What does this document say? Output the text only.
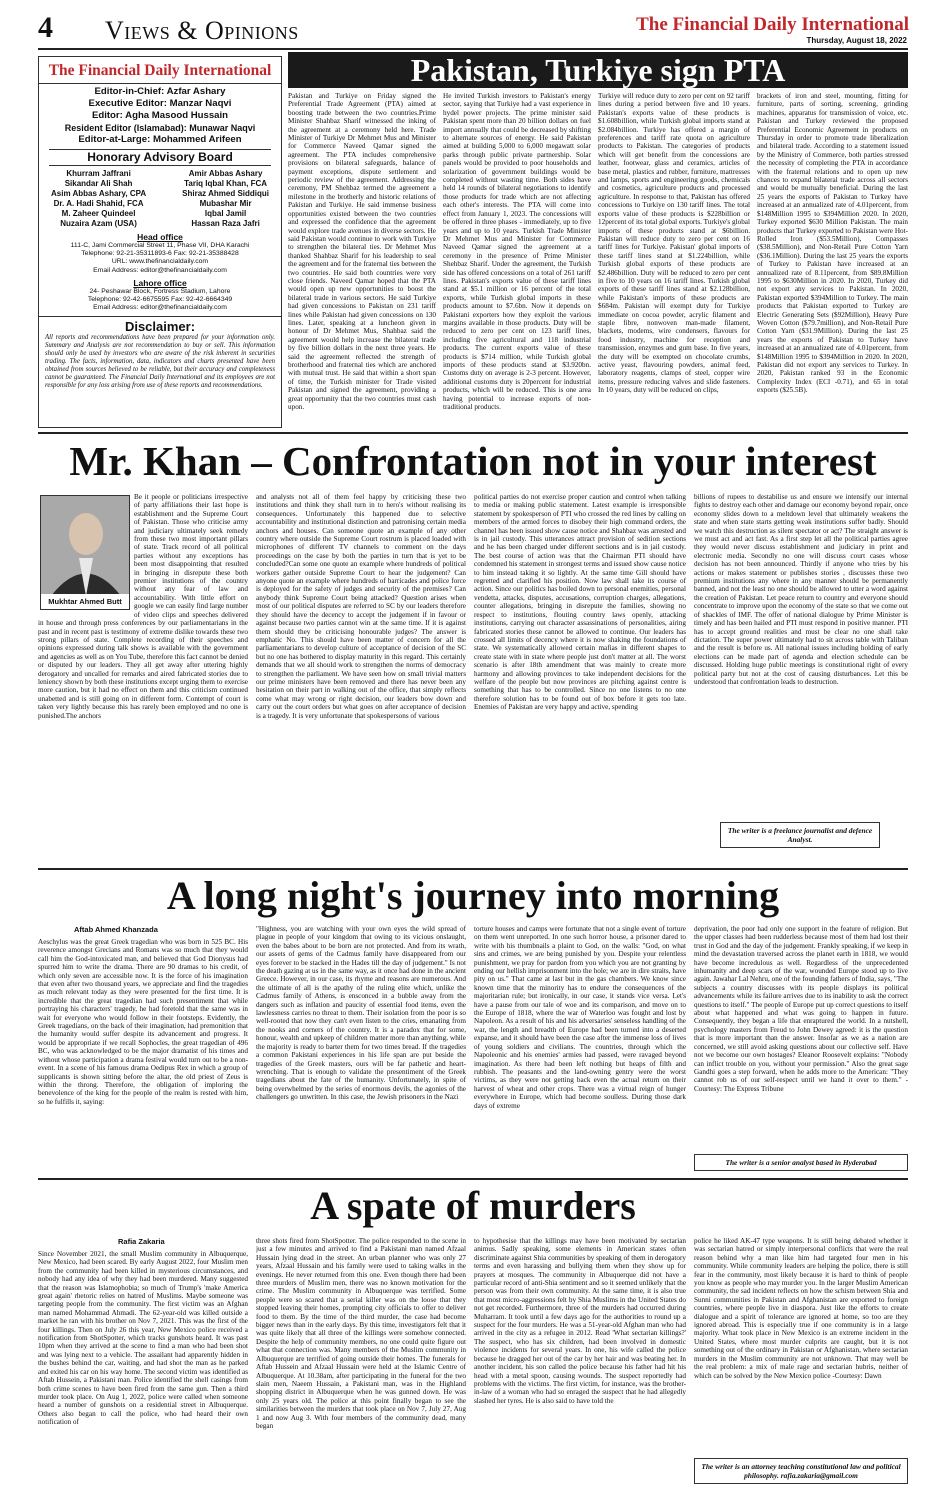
4 Views & Opinions	The Financial Daily International
Thursday, August 18, 2022
The Financial Daily International
Editor-in-Chief: Azfar Ashary
Executive Editor: Manzar Naqvi
Editor: Agha Masood Hussain
Resident Editor (Islamabad): Munawar Naqvi
Editor-at-Large: Mohammed Arifeen
Honorary Advisory Board
Khurram Jaffrani
Sikandar Ali Shah
Asim Abbas Ashary, CPA
Dr. A. Hadi Shahid, FCA
M. Zaheer Quindeel
Nuzaira Azam (USA)
Amir Abbas Ashary
Tariq Iqbal Khan, FCA
Shiraz Ahmed Siddiqui
Mubashar Mir
Iqbal Jamil
Hassan Raza Jafri
Head office
111-C, Jami Commercial Street 11, Phase VII, DHA Karachi
Telephone: 92-21-35311893-6 Fax: 92-21-35388428
URL: www.thefinancialdaily.com
Email Address: editor@thefinancialdaily.com
Lahore office
24- Peshawar Block, Fortress Stadium, Lahore
Telephone: 92-42-6675595 Fax: 92-42-6664349
Email Address: editor@thefinancialdaily.com
Disclaimer:
All reports and recommendations have been prepared for your information only. Summary and Analysis are not recommendation to buy or sell. This information should only be used by investors who are aware of the risk inherent in securities trading. The facts, information, data, indicators and charts presented have been obtained from sources believed to be reliable, but their accuracy and completeness cannot be guaranteed. The Financial Daily International and its employees are not responsible for any loss arising from use of these reports and recommendations.
Pakistan, Turkiye sign PTA

Pakistan and Turkiye on Friday signed the Preferential Trade Agreement (PTA) aimed at boosting trade between the two countries.Prime Minister Shahbaz Sharif witnessed the inking of the agreement at a ceremony held here. Trade Minister of Turkiye Dr Mehmet Mus and Minister for Commerce Naveed Qamar signed the agreement. The PTA includes comprehensive provisions on bilateral safeguards, balance of payment exceptions, dispute settlement and periodic review of the agreement. Addressing the ceremony, PM Shehbaz termed the agreement a milestone in the brotherly and historic relations of Pakistan and Turkiye. He said immense business opportunities existed between the two countries and expressed the confidence that the agreement would explore trade avenues in diverse sectors. He said Pakistan would continue to work with Turkiye to strengthen the bilateral ties. Dr Mehmet Mus thanked Shahbaz Sharif for his leadership to seal the agreement and for the fraternal ties between the two countries. He said both countries were very close friends. Naveed Qamar hoped that the PTA would open up new opportunities to boost the bilateral trade in various sectors. He said Turkiye had given concessions to Pakistan on 231 tariff lines while Pakistan had given concessions on 130 lines. Later, speaking at a luncheon given in honour of Dr Mehmet Mus, Shahbaz said the agreement would help increase the bilateral trade by five billion dollars in the next three years. He said the agreement reflected the strength of brotherhood and fraternal ties which are anchored with mutual trust. He said that within a short span of time, the Turkish minister for Trade visited Pakistan and signed the agreement, providing a great opportunity that the two countries must cash upon.

He invited Turkish investors to Pakistan's energy sector, saying that Turkiye had a vast experience in hydel power projects. The prime minister said Pakistan spent more than 20 billion dollars on fuel import annually that could be decreased by shifting to alternate sources of energy. He said Pakistan aimed at building 5,000 to 6,000 megawatt solar parks through public private partnership. Solar panels would be provided to poor households and solarization of government buildings would be completed without wasting time. Both sides have held 14 rounds of bilateral negotiations to identify those products for trade which are not affecting each other's interests. The PTA will come into effect from January 1, 2023. The concessions will be offered in three phases - immediately, up to five years and up to 10 years. Turkish Trade Minister Dr Mehmet Mus and Minister for Commerce Naveed Qamar signed the agreement at a ceremony in the presence of Prime Minister Shehbaz Sharif. Under the agreement, the Turkish side has offered concessions on a total of 261 tariff lines. Pakistan's exports value of these tariff lines stand at $5.1 million or 16 percent of the total exports, while Turkish global imports in these products amount to $7.6bn. Now it depends on Pakistani exporters how they exploit the various margins available in those products. Duty will be reduced to zero per cent on 123 tariff lines, including five agricultural and 118 industrial products. The current exports value of these products is $714 million, while Turkish global imports of these products stand at $3.920bn. Customs duty on average is 2-3 percent. However, additional customs duty is 20percent for industrial products, which will be reduced. This is one area having potential to increase exports of non-traditional products.

Turkiye will reduce duty to zero per cent on 92 tariff lines during a period between five and 10 years. Pakistan's exports value of these products is $1.608billion, while Turkish global imports stand at $2.084billion. Turkiye has offered a margin of preferences and tariff rate quota on agriculture products to Pakistan. The categories of products which will get benefit from the concessions are leather, footwear, glass and ceramics, articles of base metal, plastics and rubber, furniture, mattresses and lamps, sports and engineering goods, chemicals and cosmetics, agriculture products and processed agriculture. In response to that, Pakistan has offered concessions to Turkiye on 130 tariff lines. The total exports value of these products is $228billion or 12percent of its total global exports. Turkiye's global imports of these products stand at $6billion. Pakistan will reduce duty to zero per cent on 16 tariff lines for Turkiye. Pakistan' global imports of these tariff lines stand at $1.224billion, while Turkish global exports of these products are $2.486billion. Duty will be reduced to zero per cent in five to 10 years on 16 tariff lines. Turkish global exports of these tariff lines stand at $2.128billion, while Pakistan's imports of these products are $684m. Pakistan will exempt duty for Turkiye immediate on cocoa powder, acrylic filament and staple fibre, nonwoven man-made filament, blackets, modems, wire condensers, flavours for food industry, machine for reception and transmission, enzymes and gum base. In five years, the duty will be exempted on chocolate crumbs, active yeast, flavouring powders, animal feed, laboratory reagents, clamps of steel, copper wire items, pressure reducing valves and slide fasteners. In 10 years, duty will be reduced on clips,

brackets of iron and steel, mounting, fitting for furniture, parts of sorting, screening, grinding machines, apparatus for transmission of voice, etc. Pakistan and Turkey reviewed the proposed Preferential Economic Agreement in products on Thursday in order to promote trade liberalization and bilateral trade. According to a statement issued by the Ministry of Commerce, both parties stressed the necessity of completing the PTA in accordance with the fraternal relations and to open up new chances to expand bilateral trade across all sectors and would be mutually beneficial. During the last 25 years the exports of Pakistan to Turkey have increased at an annualized rate of 4.01percent, from $148Million 1995 to $394Million 2020. In 2020, Turkey exported $630 Million Pakistan. The main products that Turkey exported to Pakistan were Hot-Rolled Iron ($53.5Million), Compasses ($38.5Million), and Non-Retail Pure Cotton Yarn ($36.1Million). During the last 25 years the exports of Turkey to Pakistan have increased at an annualized rate of 8.11percent, from $89.8Million 1995 to $630Million in 2020. In 2020, Turkey did not export any services to Pakistan. In 2020, Pakistan exported $394Million to Turkey. The main products that Pakistan exported to Turkey are Electric Generating Sets ($92Million), Heavy Pure Woven Cotton ($79.7million), and Non-Retail Pure Cotton Yarn ($31.9Million). During the last 25 years the exports of Pakistan to Turkey have increased at an annualized rate of 4.01percent, from $148Million 1995 to $394Million in 2020. In 2020, Pakistan did not export any services to Turkey. In 2020, Pakistan ranked 93 in the Economic Complexity Index (ECI -0.71), and 65 in total exports ($25.5B).

Mr. Khan – Confrontation not in your interest
Mukhtar Ahmed Butt

Be it people or politicians irrespective of party affiliations their last hope is establishment and the Supreme Court of Pakistan. Those who criticise army and judiciary ultimately seek remedy from these two most important pillars of state. Track record of all political parties without any exceptions has been most disappointing that resulted in bringing in disrepute these both premier institutions of the country without any fear of law and accountability. With little effort on google we can easily find large number of video clips and speeches delivered in house and through press conferences by our parliamentarians in the past and in recent past is testimony of extreme dislike towards these two strong pillars of state. Complete recording of their speeches and opinions expressed during talk shows is available with the government and agencies as well as on You Tube, therefore this fact cannot be denied or disputed by our leaders. They all get away after uttering highly derogatory and uncalled for remarks and aired fabricated stories due to leniency shown by both these institutions except urging them to exercise more caution, but it had no effect on them and this criticism continued unabetted and is still going on in different form. Contempt of court is taken very lightly because this has rarely been employed and no one is punished.The anchors

and analysts not all of them feel happy by criticising these two institutions and think they shall turn in to hero's without realising its consequences. Unfortunately this happened due to selective accountability and institutional distinction and patronising certain media anchors and houses. Can someone quote an example of any other country where outside the Supreme Court rostrum is placed loaded with microphones of different TV channels to comment on the days proceedings on the case by both the parties in turn that is yet to be concluded?Can some one quote an example where hundreds of political workers gather outside Supreme Court to hear the judgement? Can anyone quote an example where hundreds of barricades and police force is deployed for the safety of judges and security of the premises? Can anybody think Supreme Court being attacked? Question arises when most of our political disputes are referred to SC by our leaders therefore they should have the decency to accept the judgement if in favour or against because two parties cannot win at the same time. If it is against them should they be criticising honourable judges? The answer is emphatic No. This should have been matter of concern for all the parliamentarians to develop culture of acceptance of decision of the SC but no one has bothered to display maturity in this regard. This certainly demands that we all should work to strengthen the norms of democracy to strengthen the parliament. We have seen how on small trivial matters our prime ministers have been removed and there has never been any hesitation on their part in walking out of the office, that simply reflects come what may wrong or right decision, our leaders bow down and carry out the court orders but what goes on after acceptance of decision is a tragedy. It is very unfortunate that spokespersons of various

political parties do not exercise proper caution and control when talking to media or making public statement. Latest example is irresponsible statement by spokesperson of PTI who crossed the red lines by calling on members of the armed forces to disobey their high command orders, the channel has been issued show cause notice and Shahbaz was arrested and is in jail custody. This utterances attract provision of sedition sections and he has been charged under different sections and is in jail custody. The best course of action was that the Chairman PTI should have condemned his statement in strongest terms and issued show cause notice to him instead taking it so lightly. At the same time Gill should have regretted and clarified his position. Now law shall take its course of action. Since our politics has boiled down to personal enemities, personal vendetta, attacks, disputes, accusations, corruption charges, allegations, counter allegations, bringing in disrepute the families, showing no respect to institutions, flouting country laws openly, attacking institutions, carrying out character assassinations of personalities, airing fabricated stories these cannot be allowed to continue. Our leaders has crossed all limits of decency where it is now shaking the foundations of state. We systematically allowed certain mafias in different shapes to create state with in state where people just don't matter at all. The worst scenario is after 18th amendment that was mainly to create more harmony and allowing provinces to take independent decisions for the welfare of the people but now provinces are pitching against centre is something that has to be controlled. Since no one listens to no one therefore solution has to be found out of box before it gets too late. Enemies of Pakistan are very happy and active, spending

billions of rupees to destabilise us and ensure we intensify our internal fights to destroy each other and damage our economy beyond repair, once economy slides down to a meltdown level that ultimately weakens the state and when state starts getting weak institutions suffer badly. Should we watch this destruction as silent spectator or act? The straight answer is we must act and act fast. As a first step let all the political parties agree they would never discuss establishment and judiciary in print and electronic media. Secondly no one will discuss court cases whose decision has not been announced. Thirdly if anyone who tries by his actions or makes statement or publishes stories , discusses these two premium institutions any where in any manner should be permanently banned, and not the least no one should be allowed to utter a word against the creation of Pakistan. Let peace return to country and everyone should concentrate to improve upon the economy of the state so that we come out of shackles of IMF. The offer of national dialogue by Prime Minister is timely and has been hailed and PTI must respond in positive manner. PTI has to accept ground realities and must be clear no one shall take dictation. The super power ultimately had to sit across table with Taliban and the result is before us. All national issues including holding of early elections can be made part of agenda and election schedule can be discussed. Holding huge public meetings is constitutional right of every political party but not at the cost of causing disturbances. Let this be understood that confrontation leads to destruction.

The writer is a freelance journalist and defence Analyst.
A long night's journey into morning
Aftab Ahmed Khanzada

Aeschylus was the great Greek tragedian who was born in 525 BC. His reverence amongst Grecians and Romans was so much that they would call him the God-intoxicated man, and believed that God Dionysus had spurred him to write the drama. There are 90 dramas to his credit, of which only seven are accessible now. It is the force of his imagination that even after two thousand years, we appreciate and find the tragedies as much relevant today as they were presented for the first time. It is incredible that the great tragedian had such presentiment that while portraying his characters' tragedy, he had foretold that the same was in wait for everyone who would follow in their footsteps. Evidently, the Greek tragedians, on the back of their imagination, had premonition that the humanity would suffer despite its advancement and progress. It would be appropriate if we recall Sophocles, the great tragedian of 496 BC, who was acknowledged to be the major dramatist of his times and without whose participation a drama festival would turn out to be a non-event. In a scene of his famous drama Oedipus Rex in which a group of supplicants is shown sitting before the altar, the old priest of Zeus is within the throng. Therefore, the obligation of imploring the benevolence of the king for the people of the realm is rested with him, so he fulfills it, saying:

"Highness, you are watching with your own eyes the wild spread of plague in people of your kingdom that owing to its vicious onslaught, even the babes about to be born are not protected. And from its wrath, our assets of gems of the Cadmus family have disappeared from our eyes forever to be stacked in the Hades till the day of judgement." Is not the death gazing at us in the same way, as it once had done in the ancient Greece. However, in our case, its rhyme and reasons are numerous. And the ultimate of all is the apathy of the ruling elite which, unlike the Cadmus family of Athens, is ensconced in a bubble away from the dangers such as inflation and paucity of essential food items, even the lawlessness carries no threat to them. Their isolation from the poor is so well-rooted that now they can't even listen to the cries, emanating from the nooks and corners of the country. It is a paradox that for some, honour, wealth and upkeep of children matter more than anything, while the majority is ready to barter them for two times bread. If the tragedies a common Pakistani experiences in his life span are put beside the tragedies of the Greek masters, ours will be far pathetic and heart-wrenching. That is enough to validate the presentiment of the Greek tragedians about the fate of the humanity. Unfortunately, in spite of being overwhelmed by the series of enormous devils, the agonies of the challengers go unwritten. In this case, the Jewish prisoners in the Nazi

torture houses and camps were fortunate that not a single event of torture on them went unreported. In one such horror house, a prisoner dared to write with his thumbnails a plaint to God, on the walls: "God, on what sins and crimes, we are being punished by you. Despite your relentless punishment, we pray for pardon from you which you are not granting by ending our hellish imprisonment into the hole; we are in dire straits, have pity on us." That came at last but in the gas chambers. We know since known time that the minority has to endure the consequences of the majoritarian rule; but ironically, in our case, it stands vice versa. Let's have a pause from our tale of woe and its comparison, and move on to the Europe of 1818, where the war of Waterloo was fought and lost by Napoleon. As a result of his and his adversaries' senseless handling of the war, the length and breadth of Europe had been turned into a deserted expanse, and it should have been the case after the immense loss of lives of young soldiers and civilians. The countries, through which the Napoleonic and his enemies' armies had passed, were ravaged beyond imagination. As there had been left nothing but heaps of filth and rubbish. The peasants and the land-owning gentry were the worst victims, as they were not getting back even the actual return on their harvest of wheat and other crops. There was a virtual reign of hunger everywhere in Europe, which had become soulless. During those dark days of extreme

deprivation, the poor had only one support in the feature of religion. But the upper classes had been rudderless because most of them had lost their trust in God and the day of the judgement. Frankly speaking, if we keep in mind the devastation traversed across the planet earth in 1818, we would have become incredulous as well. Regardless of the unprecedented inhumanity and deep scars of the war, wounded Europe stood up to live again. Jawahar Lal Nehru, one of the founding fathers of India, says, "The subjects a country discusses with its people displays its political advancements while its failure arrives due to its inability to ask the correct questions to itself." The people of Europe put up correct questions to itself about what happened and what was going to happen in future. Consequently, they began a life that enraptured the world. In a nutshell, psychology masters from Freud to John Dewey agreed: it is the question that is more important than the answer. Insofar as we as a nation are concerned, we still avoid asking questions about our collective self. Have not we become our own hostages? Eleanor Roosevelt explains: "Nobody can inflict trouble on you, without your permission." Also the great sage Gandhi goes a step forward, when he adds more to the American: "They cannot rob us of our self-respect until we hand it over to them." -Courtesy: The Express Tribune

The writer is a senior analyst based in Hyderabad
A spate of murders
Rafia Zakaria

Since November 2021, the small Muslim community in Albuquerque, New Mexico, had been scared. By early August 2022, four Muslim men from the community had been killed in mysterious circumstances, and nobody had any idea of why they had been murdered. Many suggested that the reason was Islamophobia; so much of Trump's 'make America great again' rhetoric relies on hatred of Muslims. Maybe someone was targeting people from the community. The first victim was an Afghan man named Mohammad Ahmadi. The 62-year-old was killed outside a market he ran with his brother on Nov 7, 2021. This was the first of the four killings. Then on July 26 this year, New Mexico police received a notification from ShotSpotter, which tracks gunshots heard. It was past 10pm when they arrived at the scene to find a man who had been shot and was lying next to a vehicle. The assailant had apparently hidden in the bushes behind the car, waiting, and had shot the man as he parked and exited his car on his way home. The second victim was identified as Aftab Hussein, a Pakistani man. Police identified the shell casings from both crime scenes to have been fired from the same gun. Then a third murder took place. On Aug 1, 2022, police were called when someone heard a number of gunshots on a residential street in Albuquerque. Others also began to call the police, who had heard their own notification of

three shots fired from ShotSpotter. The police responded to the scene in just a few minutes and arrived to find a Pakistani man named Afzaal Hussain lying dead in the street. An urban planner who was only 27 years, Afzaal Hussain and his family were used to taking walks in the evenings. He never returned from this one. Even though there had been three murders of Muslim men, there was no known motivation for the crime. The Muslim community in Albuquerque was terrified. Some people were so scared that a serial killer was on the loose that they stopped leaving their homes, prompting city officials to offer to deliver food to them. By the time of the third murder, the case had become bigger news than in the early days. By this time, investigators felt that it was quite likely that all three of the killings were somehow connected. Despite the help of community members, no one could quite figure out what that connection was. Many members of the Muslim community in Albuquerque are terrified of going outside their homes. The funerals for Aftab Hussein and Afzaal Hussain were held at the Islamic Centre of Albuquerque. At 10.38am, after participating in the funeral for the two slain men, Naeem Hussain, a Pakistani man, was in the Highland shopping district in Albuquerque when he was gunned down. He was only 25 years old. The police at this point finally began to see the similarities between the murders that took place on Nov 7, July 27, Aug 1 and now Aug 3. With four members of the community dead, many began

to hypothesise that the killings may have been motivated by sectarian animus. Sadly speaking, some elements in American states often discriminate against Shia communities by speaking of them in derogatory terms and even harassing and bullying them when they show up for prayers at mosques. The community in Albuquerque did not have a particular record of anti-Shia sentiment and so it seemed unlikely that the person was from their own community. At the same time, it is also true that most micro-aggressions felt by Shia Muslims in the United States do not get recorded. Furthermore, three of the murders had occurred during Muharram. It took until a few days ago for the authorities to round up a suspect for the four murders. He was a 51-year-old Afghan man who had arrived in the city as a refugee in 2012. Read 'What sectarian killings?' The suspect, who has six children, had been involved in domestic violence incidents for several years. In one, his wife called the police because he dragged her out of the car by her hair and was beating her. In another incident, his son called the police because his father had hit his head with a metal spoon, causing wounds. The suspect reportedly had problems with the victims. The first victim, for instance, was the brother-in-law of a woman who had so enraged the suspect that he had allegedly slashed her tyres. He is also said to have told the

police he liked AK-47 type weapons. It is still being debated whether it was sectarian hatred or simply interpersonal conflicts that were the real reason behind why a man like him had targeted four men in his community. While community leaders are helping the police, there is still fear in the community, most likely because it is hard to think of people you know as people who may murder you. In the larger Muslim American community, the sad incident reflects on how the schism between Shia and Sunni communities in Pakistan and Afghanistan are exported to foreign countries, where people live in diaspora. Just like the efforts to create dialogue and a spirit of tolerance are ignored at home, so too are they ignored abroad. This is especially true if one community is in a large majority. What took place in New Mexico is an extreme incident in the United States, where most murder culprits are caught, but it is not something out of the ordinary in Pakistan or Afghanistan, where sectarian murders in the Muslim community are not unknown. That may well be the real problem: a mix of male rage and sectarian hubris, neither of which can be solved by the New Mexico police -Courtesy: Dawn

The writer is an attorney teaching constitutional law and political philosophy. rafia.zakaria@gmail.com
